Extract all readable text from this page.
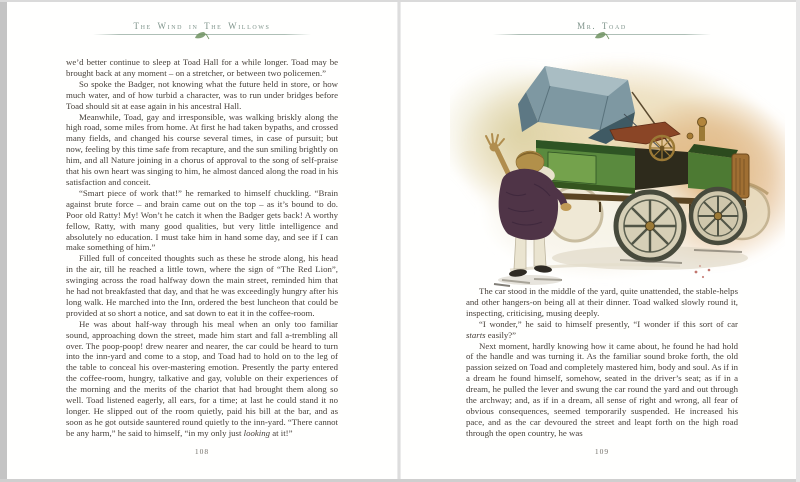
The Wind in The Willows

we’d better continue to sleep at Toad Hall for a while longer. Toad may be brought back at any moment – on a stretcher, or between two policemen.”

So spoke the Badger, not knowing what the future held in store, or how much water, and of how turbid a character, was to run under bridges before Toad should sit at ease again in his ancestral Hall.

Meanwhile, Toad, gay and irresponsible, was walking briskly along the high road, some miles from home. At first he had taken bypaths, and crossed many fields, and changed his course several times, in case of pursuit; but now, feeling by this time safe from recapture, and the sun smiling brightly on him, and all Nature joining in a chorus of approval to the song of self-praise that his own heart was singing to him, he almost danced along the road in his satisfaction and conceit.

“Smart piece of work that!” he remarked to himself chuckling. “Brain against brute force – and brain came out on the top – as it’s bound to do. Poor old Ratty! My! Won’t he catch it when the Badger gets back! A worthy fellow, Ratty, with many good qualities, but very little intelligence and absolutely no education. I must take him in hand some day, and see if I can make something of him.”

Filled full of conceited thoughts such as these he strode along, his head in the air, till he reached a little town, where the sign of “The Red Lion”, swinging across the road halfway down the main street, reminded him that he had not breakfasted that day, and that he was exceedingly hungry after his long walk. He marched into the Inn, ordered the best luncheon that could be provided at so short a notice, and sat down to eat it in the coffee-room.

He was about half-way through his meal when an only too familiar sound, approaching down the street, made him start and fall a-trembling all over. The poop-poop! drew nearer and nearer, the car could be heard to turn into the inn-yard and come to a stop, and Toad had to hold on to the leg of the table to conceal his over-mastering emotion. Presently the party entered the coffee-room, hungry, talkative and gay, voluble on their experiences of the morning and the merits of the chariot that had brought them along so well. Toad listened eagerly, all ears, for a time; at last he could stand it no longer. He slipped out of the room quietly, paid his bill at the bar, and as soon as he got outside sauntered round quietly to the inn-yard. “There cannot be any harm,” he said to himself, “in my only just looking at it!”

108
Mr. Toad

The car stood in the middle of the yard, quite unattended, the stable-helps and other hangers-on being all at their dinner. Toad walked slowly round it, inspecting, criticising, musing deeply.

“I wonder,” he said to himself presently, “I wonder if this sort of car starts easily?”

Next moment, hardly knowing how it came about, he found he had hold of the handle and was turning it. As the familiar sound broke forth, the old passion seized on Toad and completely mastered him, body and soul. As if in a dream he found himself, somehow, seated in the driver’s seat; as if in a dream, he pulled the lever and swung the car round the yard and out through the archway; and, as if in a dream, all sense of right and wrong, all fear of obvious consequences, seemed temporarily suspended. He increased his pace, and as the car devoured the street and leapt forth on the high road through the open country, he was

109
